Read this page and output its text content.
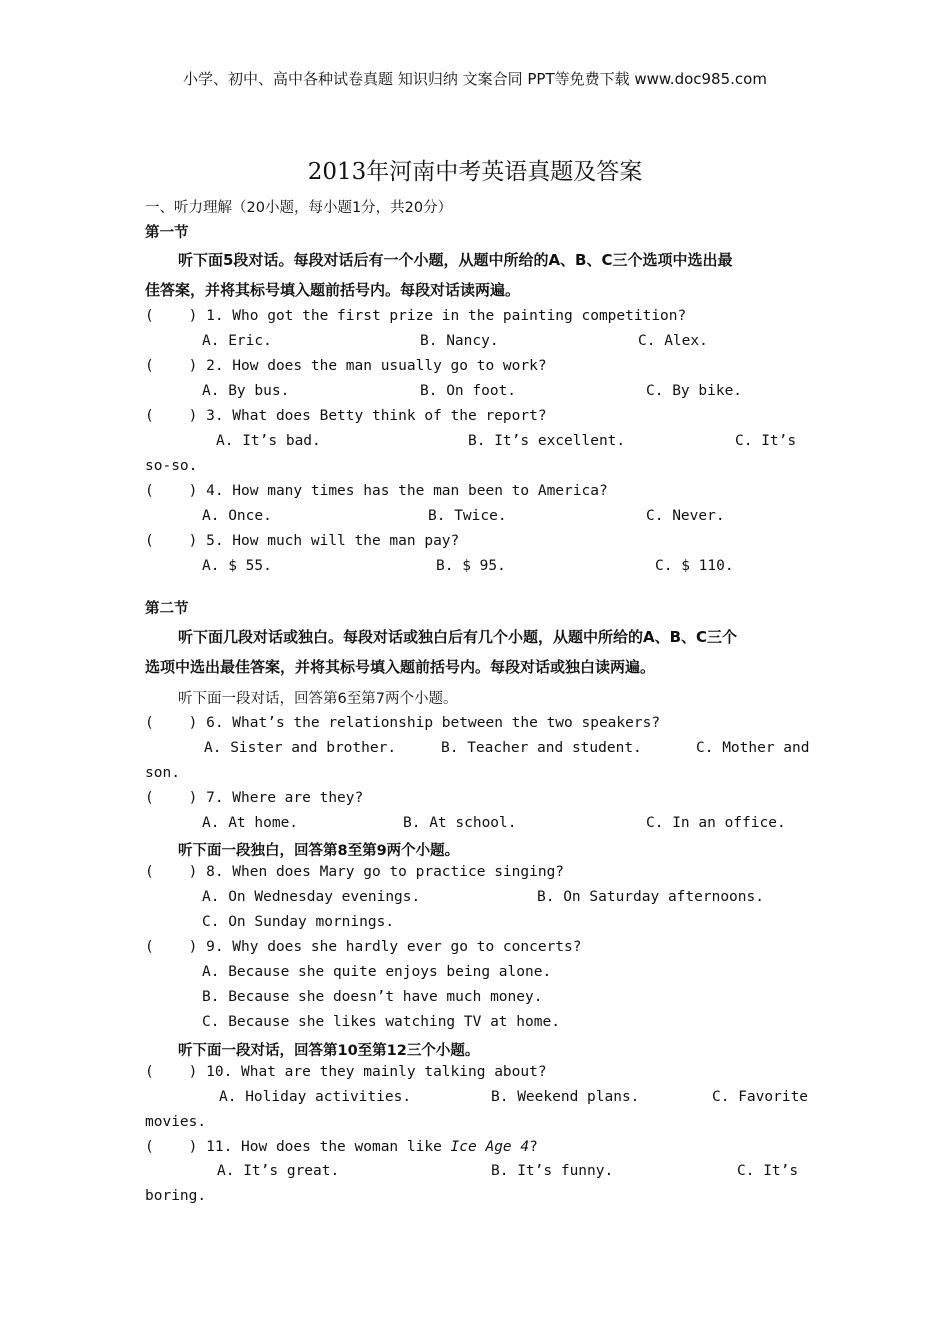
小学、初中、高中各种试卷真题 知识归纳 文案合同 PPT等免费下载 www.doc985.com
2013年河南中考英语真题及答案
一、听力理解（20小题，每小题1分，共20分）
第一节
听下面5段对话。每段对话后有一个小题，从题中所给的A、B、C三个选项中选出最
佳答案，并将其标号填入题前括号内。每段对话读两遍。
(    ) 1. Who got the first prize in the painting competition?
A. Eric.	B. Nancy.	C. Alex.
(    ) 2. How does the man usually go to work?
A. By bus.	B. On foot.	C. By bike.
(    ) 3. What does Betty think of the report?
A. It’s bad.	B. It’s excellent.	C. It’s
so-so.
(    ) 4. How many times has the man been to America?
A. Once.	B. Twice.	C. Never.
(    ) 5. How much will the man pay?
A. $ 55.	B. $ 95.	C. $ 110.
第二节
听下面几段对话或独白。每段对话或独白后有几个小题，从题中所给的A、B、C三个
选项中选出最佳答案，并将其标号填入题前括号内。每段对话或独白读两遍。
听下面一段对话，回答第6至第7两个小题。
(    ) 6. What’s the relationship between the two speakers?
A. Sister and brother.	B. Teacher and student.	C. Mother and
son.
(    ) 7. Where are they?
A. At home.	B. At school.	C. In an office.
听下面一段独白，回答第8至第9两个小题。
(    ) 8. When does Mary go to practice singing?
A. On Wednesday evenings.	B. On Saturday afternoons.
C. On Sunday mornings.
(    ) 9. Why does she hardly ever go to concerts?
A. Because she quite enjoys being alone.
B. Because she doesn’t have much money.
C. Because she likes watching TV at home.
听下面一段对话，回答第10至第12三个小题。
(    ) 10. What are they mainly talking about?
A. Holiday activities.	B. Weekend plans.	C. Favorite
movies.
(    ) 11. How does the woman like Ice Age 4?
A. It’s great.	B. It’s funny.	C. It’s
boring.
